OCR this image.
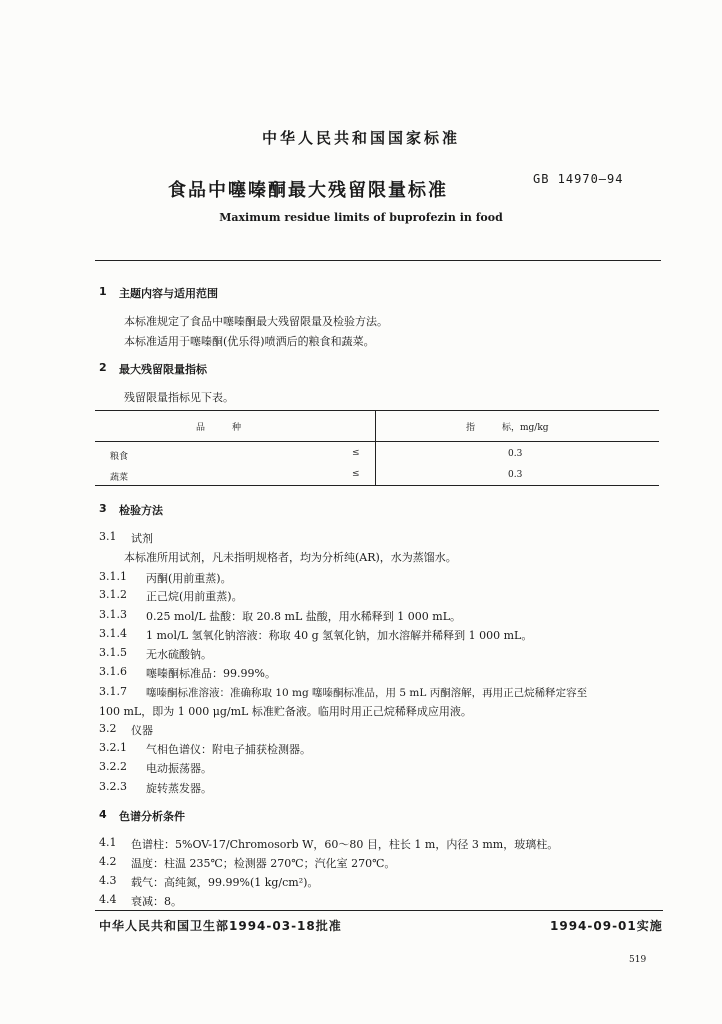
中华人民共和国国家标准
食品中噻嗪酮最大残留限量标准
GB 14970—94
Maximum residue limits of buprofezin in food
1 主题内容与适用范围
本标准规定了食品中噻嗪酮最大残留限量及检验方法。
本标准适用于噻嗪酮(优乐得)喷洒后的粮食和蔬菜。
2 最大残留限量指标
残留限量指标见下表。
品　　　种	指　　　标，mg/kg
粮食	≤	0.3
蔬菜	≤	0.3
3 检验方法
3.1 试剂
本标准所用试剂，凡未指明规格者，均为分析纯(AR)，水为蒸馏水。
3.1.1 丙酮(用前重蒸)。
3.1.2 正己烷(用前重蒸)。
3.1.3 0.25 mol/L 盐酸：取 20.8 mL 盐酸，用水稀释到 1 000 mL。
3.1.4 1 mol/L 氢氧化钠溶液：称取 40 g 氢氧化钠，加水溶解并稀释到 1 000 mL。
3.1.5 无水硫酸钠。
3.1.6 噻嗪酮标准品：99.99%。
3.1.7 噻嗪酮标准溶液：准确称取 10 mg 噻嗪酮标准品，用 5 mL 丙酮溶解，再用正己烷稀释定容至
100 mL，即为 1 000 μg/mL 标准贮备液。临用时用正己烷稀释成应用液。
3.2 仪器
3.2.1 气相色谱仪：附电子捕获检测器。
3.2.2 电动振荡器。
3.2.3 旋转蒸发器。
4 色谱分析条件
4.1 色谱柱：5%OV-17/Chromosorb W，60～80 目，柱长 1 m，内径 3 mm，玻璃柱。
4.2 温度：柱温 235℃；检测器 270℃；汽化室 270℃。
4.3 载气：高纯氮，99.99%(1 kg/cm²)。
4.4 衰减：8。
中华人民共和国卫生部1994-03-18批准	1994-09-01实施
519
